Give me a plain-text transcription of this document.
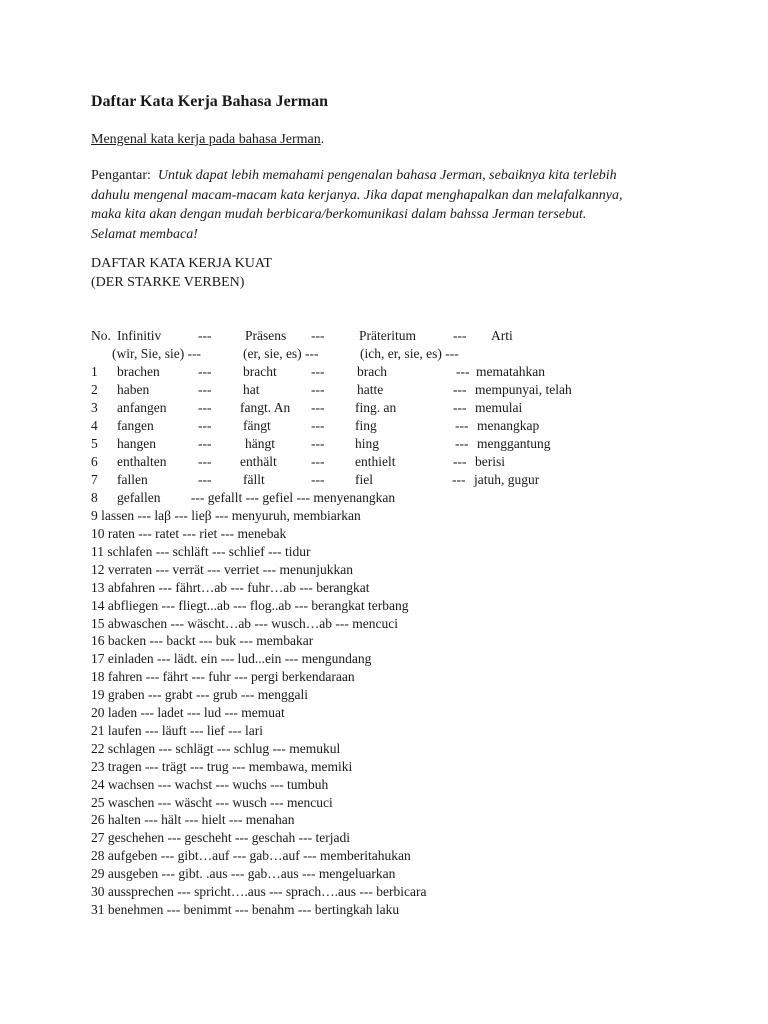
Daftar Kata Kerja Bahasa Jerman
Mengenal kata kerja pada bahasa Jerman.
Pengantar: Untuk dapat lebih memahami pengenalan bahasa Jerman, sebaiknya kita terlebih
dahulu mengenal macam-macam kata kerjanya. Jika dapat menghapalkan dan melafalkannya,
maka kita akan dengan mudah berbicara/berkomunikasi dalam bahssa Jerman tersebut.
Selamat membaca!
DAFTAR KATA KERJA KUAT
(DER STARKE VERBEN)
No. Infinitiv	--- Präsens ---	Präteritum	--- Arti
(wir, Sie, sie) ---	(er, sie, es) ---	(ich, er, sie, es) ---
1 brachen	--- bracht	--- brach	--- mematahkan
2 haben	--- hat	--- hatte	--- mempunyai, telah
3 anfangen --- fangt. An --- fing. an	--- memulai
4 fangen	--- fängt	--- fing	--- menangkap
5 hangen	--- hängt	--- hing	--- menggantung
6 enthalten --- enthält	--- enthielt	--- berisi
7 fallen	--- fällt	--- fiel	--- jatuh, gugur
8 gefallen         --- gefallt --- gefiel --- menyenangkan
9 lassen --- laβ --- lieβ --- menyuruh, membiarkan
10 raten --- ratet --- riet --- menebak
11 schlafen --- schläft --- schlief --- tidur
12 verraten --- verrät --- verriet --- menunjukkan
13 abfahren --- fährt…ab --- fuhr…ab --- berangkat
14 abfliegen --- fliegt...ab --- flog..ab --- berangkat terbang
15 abwaschen --- wäscht…ab --- wusch…ab --- mencuci
16 backen --- backt --- buk --- membakar
17 einladen --- lädt. ein --- lud...ein --- mengundang
18 fahren --- fährt --- fuhr --- pergi berkendaraan
19 graben --- grabt --- grub --- menggali
20 laden --- ladet --- lud --- memuat
21 laufen --- läuft --- lief --- lari
22 schlagen --- schlägt --- schlug --- memukul
23 tragen --- trägt --- trug --- membawa, memiki
24 wachsen --- wachst --- wuchs --- tumbuh
25 waschen --- wäscht --- wusch --- mencuci
26 halten --- hält --- hielt --- menahan
27 geschehen --- gescheht --- geschah --- terjadi
28 aufgeben --- gibt…auf --- gab…auf --- memberitahukan
29 ausgeben --- gibt. .aus --- gab…aus --- mengeluarkan
30 aussprechen --- spricht….aus --- sprach….aus --- berbicara
31 benehmen --- benimmt --- benahm --- bertingkah laku
